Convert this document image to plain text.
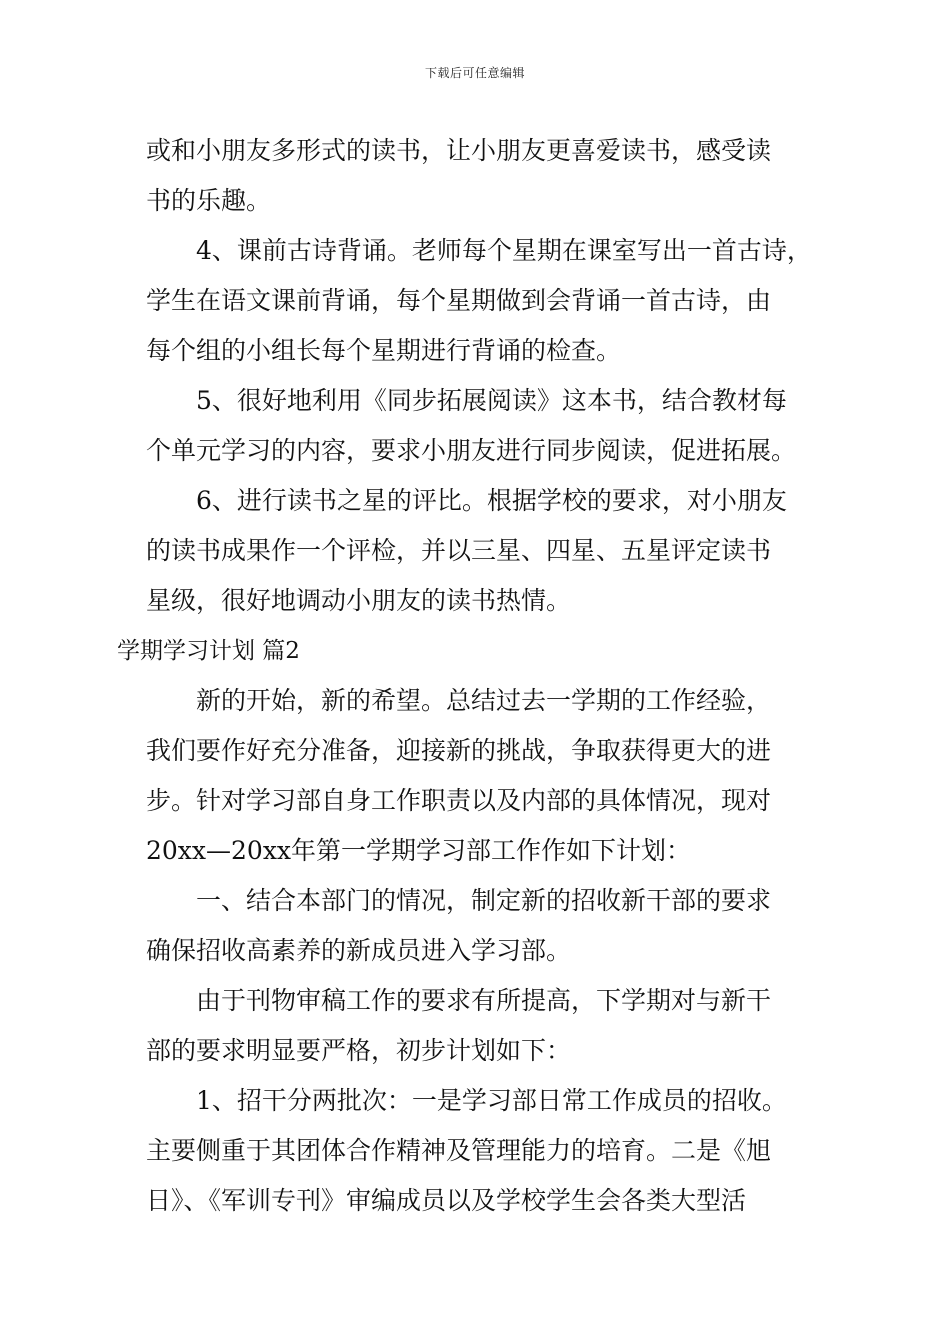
下载后可任意编辑
或和小朋友多形式的读书，让小朋友更喜爱读书，感受读
书的乐趣。
4、课前古诗背诵。老师每个星期在课室写出一首古诗，
学生在语文课前背诵，每个星期做到会背诵一首古诗，由
每个组的小组长每个星期进行背诵的检查。
5、很好地利用《同步拓展阅读》这本书，结合教材每
个单元学习的内容，要求小朋友进行同步阅读，促进拓展。
6、进行读书之星的评比。根据学校的要求，对小朋友
的读书成果作一个评检，并以三星、四星、五星评定读书
星级，很好地调动小朋友的读书热情。
学期学习计划 篇2
新的开始，新的希望。总结过去一学期的工作经验，
我们要作好充分准备，迎接新的挑战，争取获得更大的进
步。针对学习部自身工作职责以及内部的具体情况，现对
20xx—20xx年第一学期学习部工作作如下计划：
一、结合本部门的情况，制定新的招收新干部的要求
确保招收高素养的新成员进入学习部。
由于刊物审稿工作的要求有所提高，下学期对与新干
部的要求明显要严格，初步计划如下：
1、招干分两批次：一是学习部日常工作成员的招收。
主要侧重于其团体合作精神及管理能力的培育。二是《旭
日》、《军训专刊》审编成员以及学校学生会各类大型活
